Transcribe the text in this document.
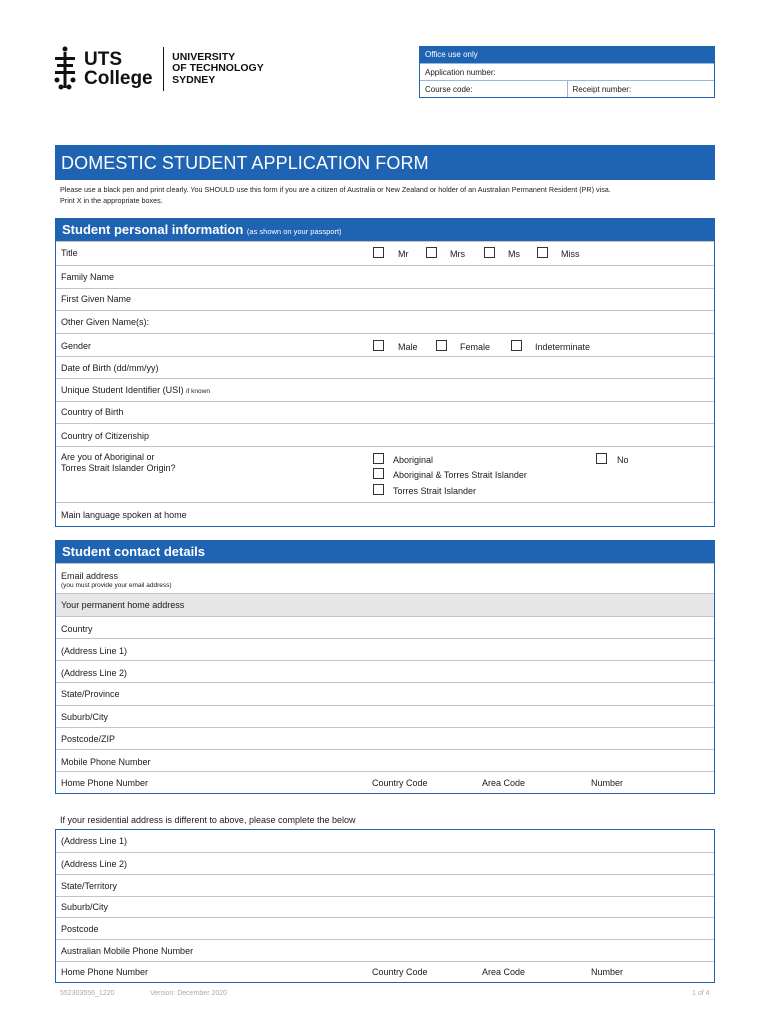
UTS
College
UNIVERSITY
OF TECHNOLOGY
SYDNEY
Office use only
Application number:
Course code:	Receipt number:
DOMESTIC STUDENT APPLICATION FORM
Please use a black pen and print clearly. You SHOULD use this form if you are a citizen of Australia or New Zealand or holder of an Australian Permanent Resident (PR) visa.
Print X in the appropriate boxes.
Student personal information (as shown on your passport)
Title	Mr	Mrs	Ms	Miss
Family Name
First Given Name
Other Given Name(s):
Gender	Male	Female	Indeterminate
Date of Birth (dd/mm/yy)
Unique Student Identifier (USI) if known
Country of Birth
Country of Citizenship
Are you of Aboriginal or
Torres Strait Islander Origin?
Aboriginal
Aboriginal & Torres Strait Islander
Torres Strait Islander
No
Main language spoken at home
Student contact details
Email address
(you must provide your email address)
Your permanent home address
Country
(Address Line 1)
(Address Line 2)
State/Province
Suburb/City
Postcode/ZIP
Mobile Phone Number
Home Phone Number	Country Code	Area Code	Number
If your residential address is different to above, please complete the below
(Address Line 1)
(Address Line 2)
State/Territory
Suburb/City
Postcode
Australian Mobile Phone Number
Home Phone Number	Country Code	Area Code	Number
552303556_1220	Version: December 2020	1 of 4
